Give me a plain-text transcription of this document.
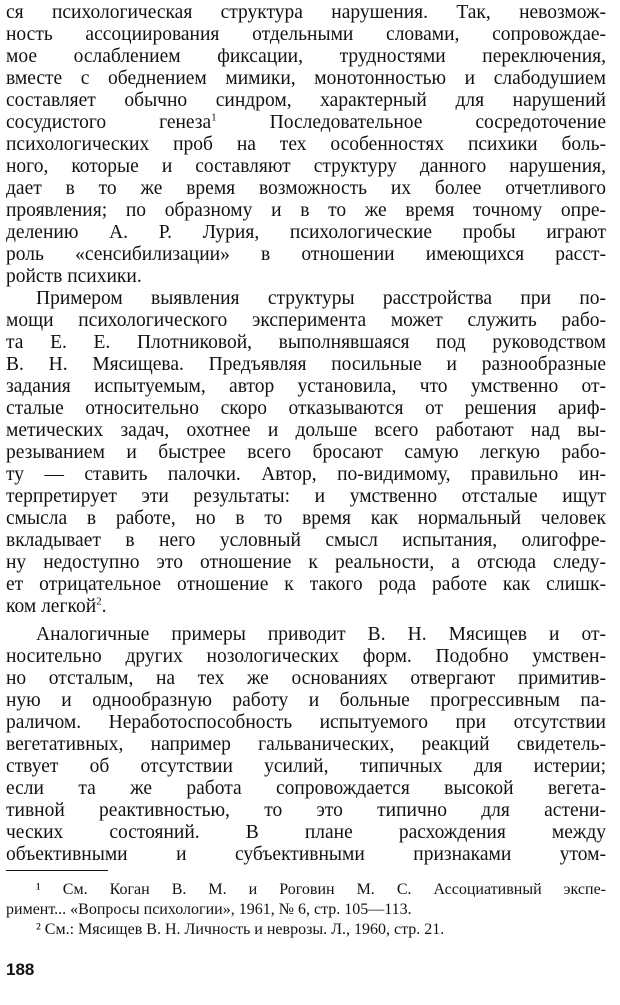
ся психологическая структура нарушения. Так, невозмож-
ность ассоциирования отдельными словами, сопровождае-
мое ослаблением фиксации, трудностями переключения,
вместе с обеднением мимики, монотонностью и слабодушием
составляет обычно синдром, характерный для нарушений
сосудистого генеза$^1$	Последовательное сосредоточение
психологических проб на тех особенностях психики боль-
ного, которые и составляют структуру данного нарушения,
дает в то же время возможность их более отчетливого
проявления; по образному и в то же время точному опре-
делению А. Р. Лурия, психологические пробы играют
роль «сенсибилизации» в отношении имеющихся расст-
ройств психики.
Примером выявления структуры расстройства при по-
мощи психологического эксперимента может служить рабо-
та Е. Е. Плотниковой, выполнявшаяся под руководством
В. Н. Мясищева. Предъявляя посильные и разнообразные
задания испытуемым, автор установила, что умственно от-
сталые относительно скоро отказываются от решения ариф-
метических задач, охотнее и дольше всего работают над вы-
резыванием и быстрее всего бросают самую легкую рабо-
ту — ставить палочки. Автор, по-видимому, правильно ин-
терпретирует эти результаты: и умственно отсталые ищут
смысла в работе, но в то время как нормальный человек
вкладывает в него условный смысл испытания, олигофре-
ну недоступно это отношение к реальности, а отсюда следу-
ет отрицательное отношение к такого рода работе как слишк-
ком легкой$^2$.
Аналогичные примеры приводит В. Н. Мясищев и от-
носительно других нозологических форм. Подобно умствен-
но отсталым, на тех же основаниях отвергают примитив-
ную и однообразную работу и больные прогрессивным па-
раличом. Неработоспособность испытуемого при отсутствии
вегетативных, например гальванических, реакций свидетель-
ствует об отсутствии усилий, типичных для истерии;
если та же работа сопровождается высокой вегета-
тивной реактивностью, то это типично для астени-
ческих состояний. В плане расхождения между
объективными и субъективными признаками утом-
¹ См. Коган В. М. и Роговин М. С. Ассоциативный экспе-
римент... «Вопросы психологии», 1961, № 6, стр. 105—113.
² См.: Мясищев В. Н. Личность и неврозы. Л., 1960, стр. 21.
188
